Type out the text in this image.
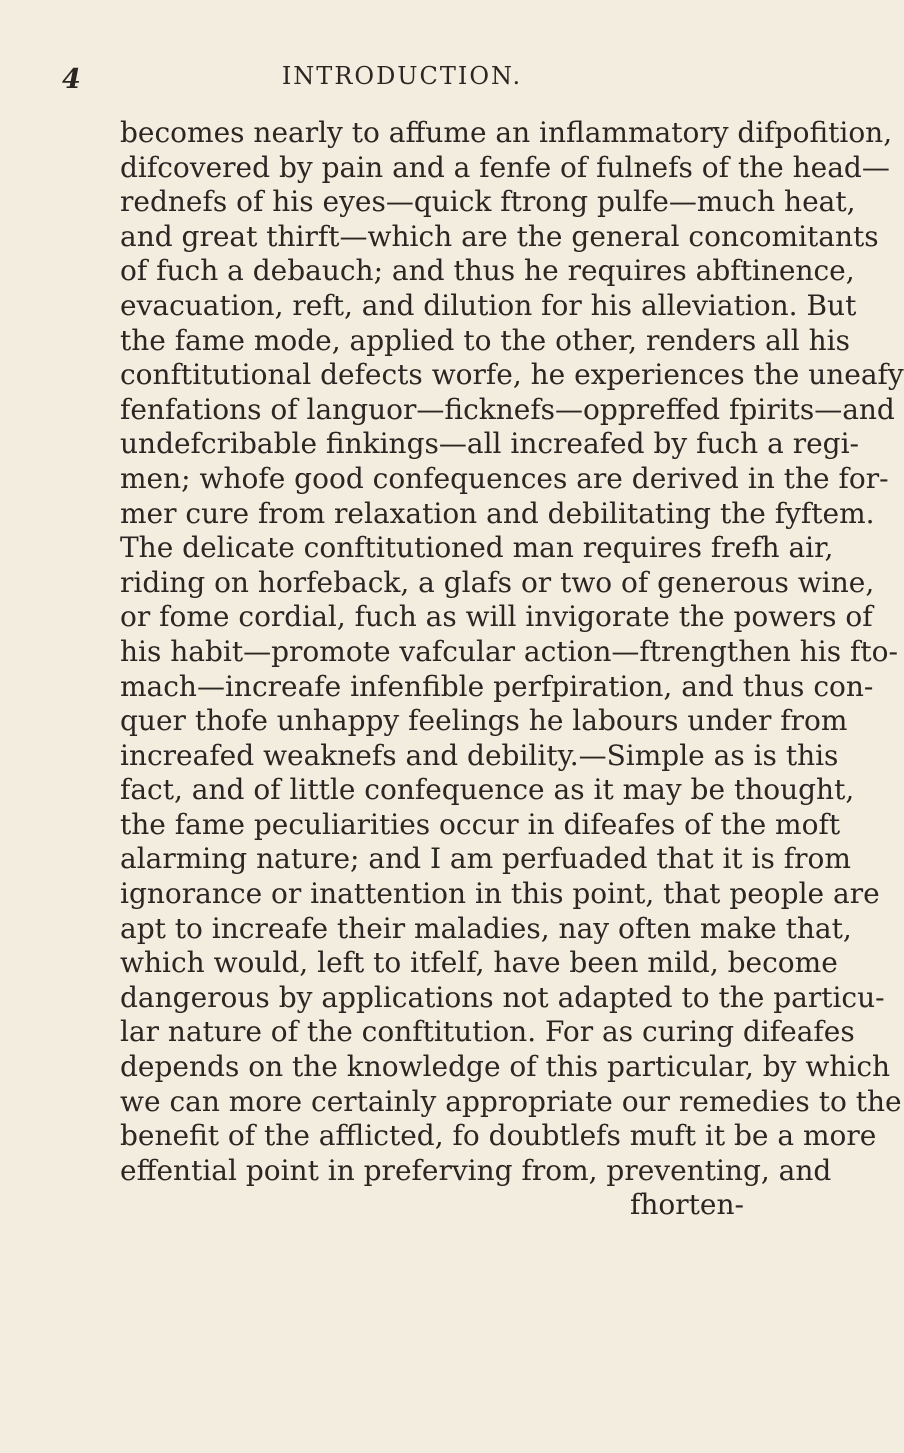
4	INTRODUCTION.
becomes nearly to affume an inflammatory difpofition,
difcovered by pain and a fenfe of fulnefs of the head—
rednefs of his eyes—quick ftrong pulfe—much heat,
and great thirft—which are the general concomitants
of fuch a debauch; and thus he requires abftinence,
evacuation, reft, and dilution for his alleviation. But
the fame mode, applied to the other, renders all his
conftitutional defects worfe, he experiences the uneafy
fenfations of languor—ficknefs—oppreffed fpirits—and
undefcribable finkings—all increafed by fuch a regi-
men; whofe good confequences are derived in the for-
mer cure from relaxation and debilitating the fyftem.
The delicate conftitutioned man requires frefh air,
riding on horfeback, a glafs or two of generous wine,
or fome cordial, fuch as will invigorate the powers of
his habit—promote vafcular action—ftrengthen his fto-
mach—increafe infenfible perfpiration, and thus con-
quer thofe unhappy feelings he labours under from
increafed weaknefs and debility.—Simple as is this
fact, and of little confequence as it may be thought,
the fame peculiarities occur in difeafes of the moft
alarming nature; and I am perfuaded that it is from
ignorance or inattention in this point, that people are
apt to increafe their maladies, nay often make that,
which would, left to itfelf, have been mild, become
dangerous by applications not adapted to the particu-
lar nature of the conftitution. For as curing difeafes
depends on the knowledge of this particular, by which
we can more certainly appropriate our remedies to the
benefit of the afflicted, fo doubtlefs muft it be a more
effential point in preferving from, preventing, and
fhorten-
